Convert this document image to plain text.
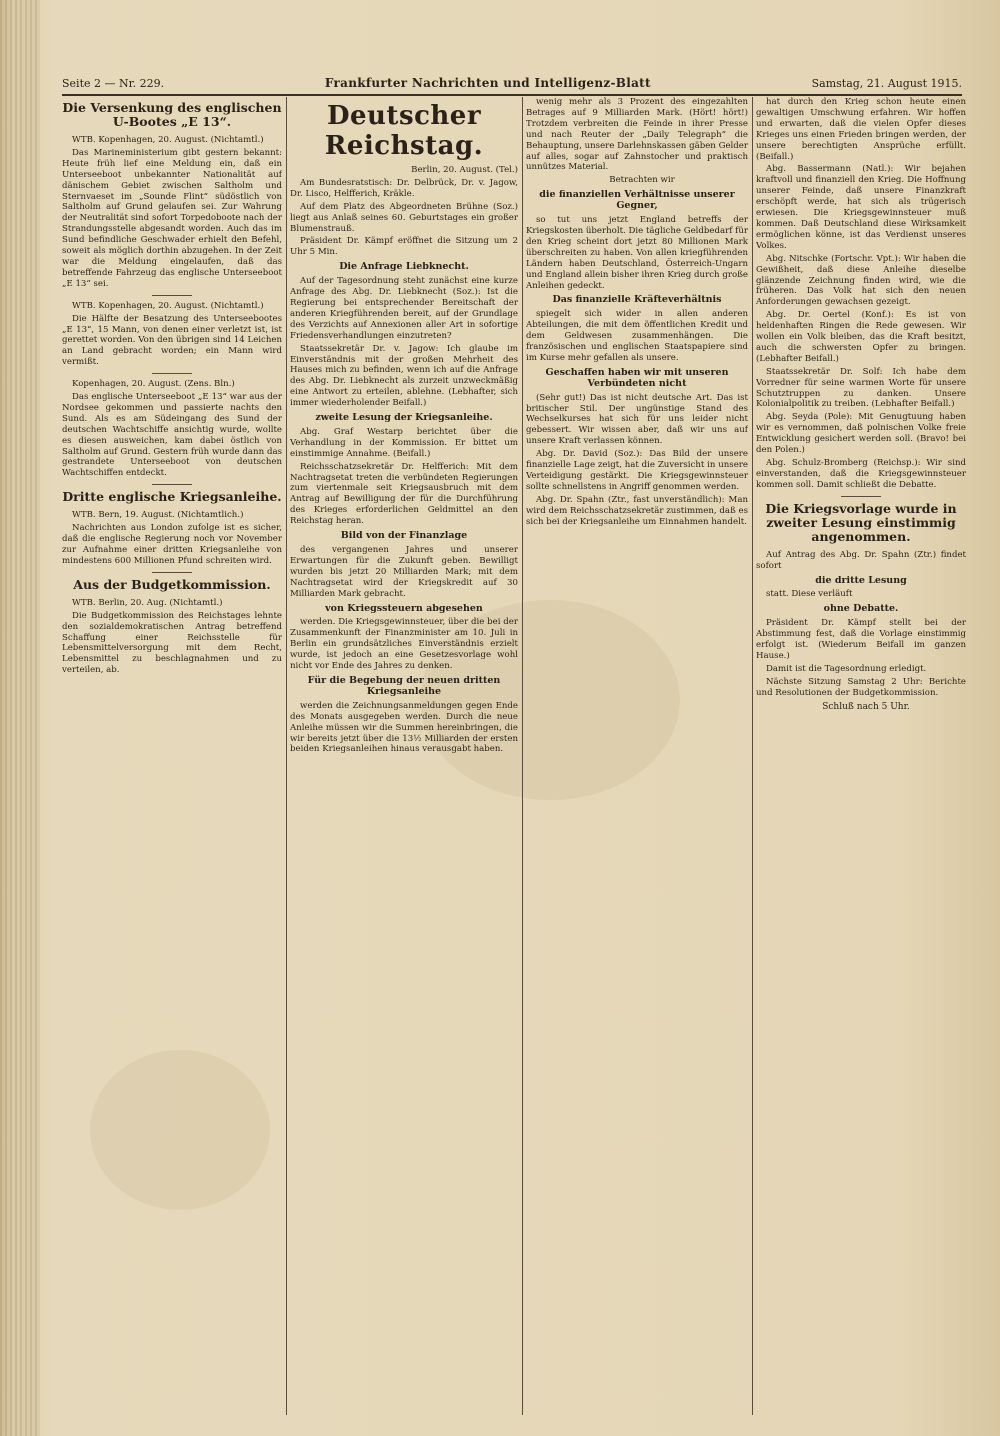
Seite 2 — Nr. 229.	Frankfurter Nachrichten und Intelligenz-Blatt	Samstag, 21. August 1915.
Die Versenkung des englischen U-Bootes „E 13“.

WTB. Kopenhagen, 20. August. (Nichtamtl.)

Das Marineministerium gibt gestern bekannt: Heute früh lief eine Meldung ein, daß ein Unterseeboot unbekannter Nationalität auf dänischem Gebiet zwischen Saltholm und Sternvaeset im „Sounde Flint“ südöstlich von Saltholm auf Grund gelaufen sei. Zur Wahrung der Neutralität sind sofort Torpedoboote nach der Strandungsstelle abgesandt worden. Auch das im Sund befindliche Geschwader erhielt den Befehl, soweit als möglich dorthin abzugehen. In der Zeit war die Meldung eingelaufen, daß das betreffende Fahrzeug das englische Unterseeboot „E 13“ sei.

WTB. Kopenhagen, 20. August. (Nichtamtl.)

Die Hälfte der Besatzung des Unterseebootes „E 13“, 15 Mann, von denen einer verletzt ist, ist gerettet worden. Von den übrigen sind 14 Leichen an Land gebracht worden; ein Mann wird vermißt.

Kopenhagen, 20. August. (Zens. Bln.)

Das englische Unterseeboot „E 13“ war aus der Nordsee gekommen und passierte nachts den Sund. Als es am Südeingang des Sund der deutschen Wachtschiffe ansichtig wurde, wollte es diesen ausweichen, kam dabei östlich von Saltholm auf Grund. Gestern früh wurde dann das gestrandete Unterseeboot von deutschen Wachtschiffen entdeckt.

Dritte englische Kriegsanleihe.

WTB. Bern, 19. August. (Nichtamtlich.)

Nachrichten aus London zufolge ist es sicher, daß die englische Regierung noch vor November zur Aufnahme einer dritten Kriegsanleihe von mindestens 600 Millionen Pfund schreiten wird.

Aus der Budgetkommission.

WTB. Berlin, 20. Aug. (Nichtamtl.)

Die Budgetkommission des Reichstages lehnte den sozialdemokratischen Antrag betreffend Schaffung einer Reichsstelle für Lebensmittelversorgung mit dem Recht, Lebensmittel zu beschlagnahmen und zu verteilen, ab.

Deutscher Reichstag.

Berlin, 20. August. (Tel.)

Am Bundesratstisch: Dr. Delbrück, Dr. v. Jagow, Dr. Lisco, Helfferich, Kräkle.

Auf dem Platz des Abgeordneten Brühne (Soz.) liegt aus Anlaß seines 60. Geburtstages ein großer Blumenstrauß.

Präsident Dr. Kämpf eröffnet die Sitzung um 2 Uhr 5 Min.

Die Anfrage Liebknecht.

Auf der Tagesordnung steht zunächst eine kurze Anfrage des Abg. Dr. Liebknecht (Soz.): Ist die Regierung bei entsprechender Bereitschaft der anderen Kriegführenden bereit, auf der Grundlage des Verzichts auf Annexionen aller Art in sofortige Friedensverhandlungen einzutreten?

Staatssekretär Dr. v. Jagow: Ich glaube im Einverständnis mit der großen Mehrheit des Hauses mich zu befinden, wenn ich auf die Anfrage des Abg. Dr. Liebknecht als zurzeit unzweckmäßig eine Antwort zu erteilen, ablehne. (Lebhafter, sich immer wiederholender Beifall.)

zweite Lesung der Kriegsanleihe.

Abg. Graf Westarp berichtet über die Verhandlung in der Kommission. Er bittet um einstimmige Annahme. (Beifall.)

Reichsschatzsekretär Dr. Helfferich: Mit dem Nachtragsetat treten die verbündeten Regierungen zum viertenmale seit Kriegsausbruch mit dem Antrag auf Bewilligung der für die Durchführung des Krieges erforderlichen Geldmittel an den Reichstag heran.

Bild von der Finanzlage

des vergangenen Jahres und unserer Erwartungen für die Zukunft geben. Bewilligt wurden bis jetzt 20 Milliarden Mark; mit dem Nachtragsetat wird der Kriegskredit auf 30 Milliarden Mark gebracht.

von Kriegssteuern abgesehen

werden. Die Kriegsgewinnsteuer, über die bei der Zusammenkunft der Finanzminister am 10. Juli in Berlin ein grundsätzliches Einverständnis erzielt wurde, ist jedoch an eine Gesetzesvorlage wohl nicht vor Ende des Jahres zu denken.

Für die Begebung der neuen dritten Kriegsanleihe

werden die Zeichnungsanmeldungen gegen Ende des Monats ausgegeben werden. Durch die neue Anleihe müssen wir die Summen hereinbringen, die wir bereits jetzt über die 13½ Milliarden der ersten beiden Kriegsanleihen hinaus verausgabt haben.

wenig mehr als 3 Prozent des eingezahlten Betrages auf 9 Milliarden Mark. (Hört! hört!) Trotzdem verbreiten die Feinde in ihrer Presse und nach Reuter der „Daily Telegraph“ die Behauptung, unsere Darlehnskassen gäben Gelder auf alles, sogar auf Zahnstocher und praktisch unnützes Material.

Betrachten wir

die finanziellen Verhältnisse unserer Gegner,

so tut uns jetzt England betreffs der Kriegskosten überholt. Die tägliche Geldbedarf für den Krieg scheint dort jetzt 80 Millionen Mark überschreiten zu haben. Von allen kriegführenden Ländern haben Deutschland, Österreich-Ungarn und England allein bisher ihren Krieg durch große Anleihen gedeckt.

Das finanzielle Kräfteverhältnis

spiegelt sich wider in allen anderen Abteilungen, die mit dem öffentlichen Kredit und dem Geldwesen zusammenhängen. Die französischen und englischen Staatspapiere sind im Kurse mehr gefallen als unsere.

Geschaffen haben wir mit unseren Verbündeten nicht

(Sehr gut!) Das ist nicht deutsche Art. Das ist britischer Stil. Der ungünstige Stand des Wechselkurses hat sich für uns leider nicht gebessert. Wir wissen aber, daß wir uns auf unsere Kraft verlassen können.

Abg. Dr. David (Soz.): Das Bild der unsere finanzielle Lage zeigt, hat die Zuversicht in unsere Verteidigung gestärkt. Die Kriegsgewinnsteuer sollte schnellstens in Angriff genommen werden.

Abg. Dr. Spahn (Ztr., fast unverständlich): Man wird dem Reichsschatzsekretär zustimmen, daß es sich bei der Kriegsanleihe um Einnahmen handelt.

hat durch den Krieg schon heute einen gewaltigen Umschwung erfahren. Wir hoffen und erwarten, daß die vielen Opfer dieses Krieges uns einen Frieden bringen werden, der unsere berechtigten Ansprüche erfüllt. (Beifall.)

Abg. Bassermann (Natl.): Wir bejahen kraftvoll und finanziell den Krieg. Die Hoffnung unserer Feinde, daß unsere Finanzkraft erschöpft werde, hat sich als trügerisch erwiesen. Die Kriegsgewinnsteuer muß kommen. Daß Deutschland diese Wirksamkeit ermöglichen könne, ist das Verdienst unseres Volkes.

Abg. Nitschke (Fortschr. Vpt.): Wir haben die Gewißheit, daß diese Anleihe dieselbe glänzende Zeichnung finden wird, wie die früheren. Das Volk hat sich den neuen Anforderungen gewachsen gezeigt.

Abg. Dr. Oertel (Konf.): Es ist von heldenhaften Ringen die Rede gewesen. Wir wollen ein Volk bleiben, das die Kraft besitzt, auch die schwersten Opfer zu bringen. (Lebhafter Beifall.)

Staatssekretär Dr. Solf: Ich habe dem Vorredner für seine warmen Worte für unsere Schutztruppen zu danken. Unsere Kolonialpolitik zu treiben. (Lebhafter Beifall.)

Abg. Seyda (Pole): Mit Genugtuung haben wir es vernommen, daß polnischen Volke freie Entwicklung gesichert werden soll. (Bravo! bei den Polen.)

Abg. Schulz-Bromberg (Reichsp.): Wir sind einverstanden, daß die Kriegsgewinnsteuer kommen soll. Damit schließt die Debatte.

Die Kriegsvorlage wurde in zweiter Lesung einstimmig angenommen.

Auf Antrag des Abg. Dr. Spahn (Ztr.) findet sofort

die dritte Lesung

statt. Diese verläuft

ohne Debatte.

Präsident Dr. Kämpf stellt bei der Abstimmung fest, daß die Vorlage einstimmig erfolgt ist. (Wiederum Beifall im ganzen Hause.)

Damit ist die Tagesordnung erledigt.

Nächste Sitzung Samstag 2 Uhr: Berichte und Resolutionen der Budgetkommission.

Schluß nach 5 Uhr.
